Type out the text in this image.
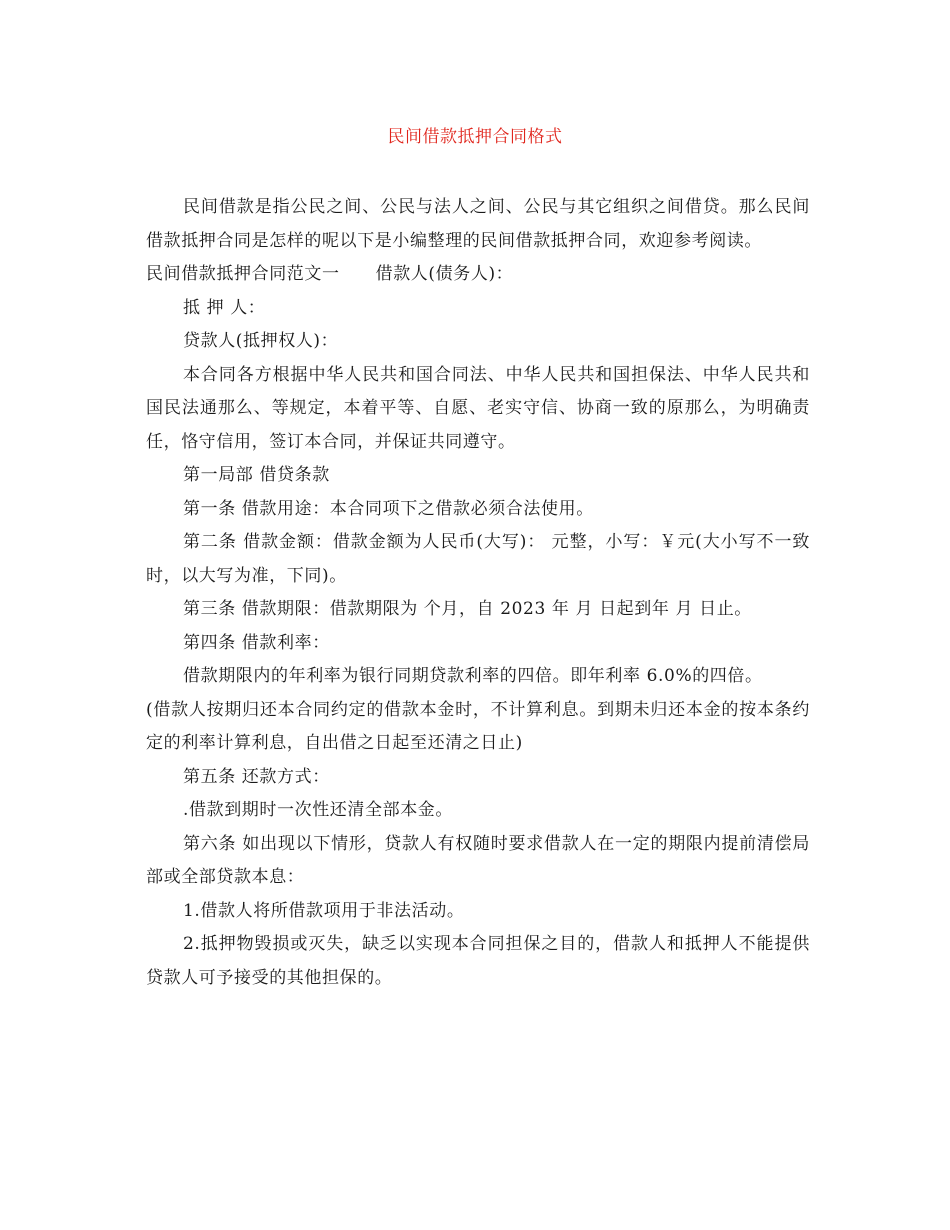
民间借款抵押合同格式

民间借款是指公民之间、公民与法人之间、公民与其它组织之间借贷。那么民间借款抵押合同是怎样的呢以下是小编整理的民间借款抵押合同，欢迎参考阅读。

民间借款抵押合同范文一 借款人(债务人)：

抵 押 人：

贷款人(抵押权人)：

本合同各方根据中华人民共和国合同法、中华人民共和国担保法、中华人民共和国民法通那么、等规定，本着平等、自愿、老实守信、协商一致的原那么，为明确责任，恪守信用，签订本合同，并保证共同遵守。

第一局部 借贷条款

第一条 借款用途：本合同项下之借款必须合法使用。

第二条 借款金额：借款金额为人民币(大写)： 元整，小写：￥元(大小写不一致时，以大写为准，下同)。

第三条 借款期限：借款期限为 个月，自 2023 年 月 日起到年 月 日止。

第四条 借款利率：

借款期限内的年利率为银行同期贷款利率的四倍。即年利率 6.0%的四倍。

(借款人按期归还本合同约定的借款本金时，不计算利息。到期未归还本金的按本条约定的利率计算利息，自出借之日起至还清之日止)

第五条 还款方式：

.借款到期时一次性还清全部本金。

第六条 如出现以下情形，贷款人有权随时要求借款人在一定的期限内提前清偿局部或全部贷款本息：

1.借款人将所借款项用于非法活动。

2.抵押物毁损或灭失，缺乏以实现本合同担保之目的，借款人和抵押人不能提供贷款人可予接受的其他担保的。
